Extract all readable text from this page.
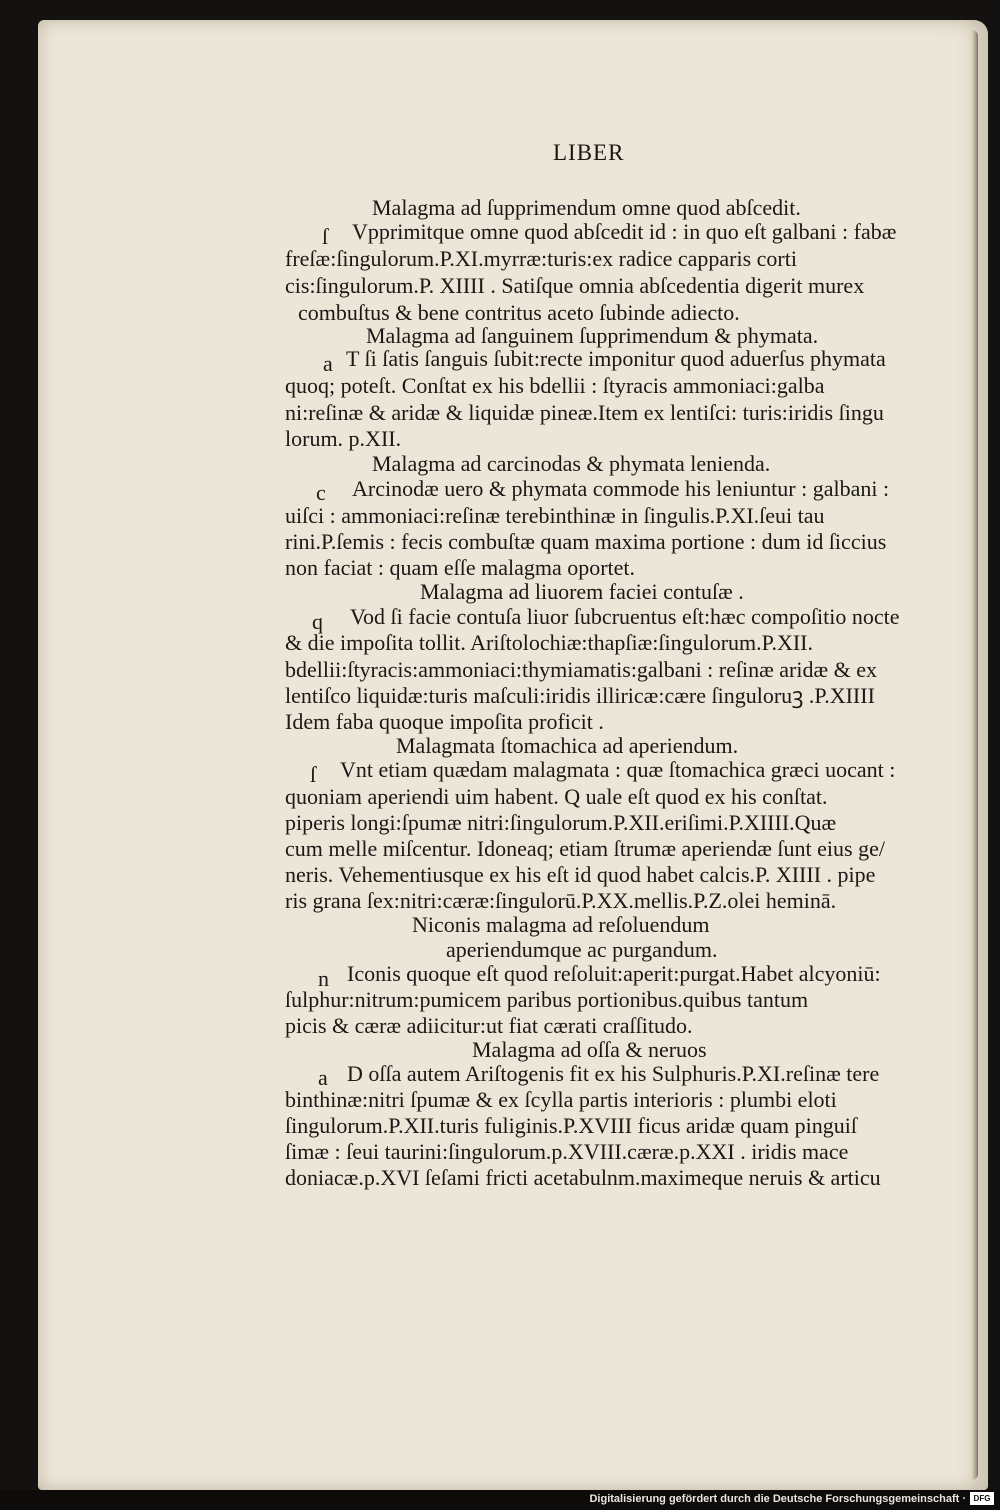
LIBER
Malagma ad ſupprimendum omne quod abſcedit.
ſ Vpprimitque omne quod abſcedit id : in quo eſt galbani : fabæ
freſæ:ſingulorum.P.XI.myrræ:turis:ex radice capparis corti
cis:ſingulorum.P. XIIII . Satiſque omnia abſcedentia digerit murex
combuſtus & bene contritus aceto ſubinde adiecto.
Malagma ad ſanguinem ſupprimendum & phymata.
a T ſi ſatis ſanguis ſubit:recte imponitur quod aduerſus phymata
quoq; poteſt. Conſtat ex his bdellii : ſtyracis ammoniaci:galba
ni:reſinæ & aridæ & liquidæ pineæ.Item ex lentiſci: turis:iridis ſingu
lorum. p.XII.
Malagma ad carcinodas & phymata lenienda.
c Arcinodæ uero & phymata commode his leniuntur : galbani :
uiſci : ammoniaci:reſinæ terebinthinæ in ſingulis.P.XI.ſeui tau
rini.P.ſemis : fecis combuſtæ quam maxima portione : dum id ſiccius
non faciat : quam eſſe malagma oportet.
Malagma ad liuorem faciei contuſæ .
q Vod ſi facie contuſa liuor ſubcruentus eſt:hæc compoſitio nocte
& die impoſita tollit. Ariſtolochiæ:thapſiæ:ſingulorum.P.XII.
bdellii:ſtyracis:ammoniaci:thymiamatis:galbani : reſinæ aridæ & ex
lentiſco liquidæ:turis maſculi:iridis illiricæ:cære ſinguloruꝫ .P.XIIII
Idem faba quoque impoſita proficit .
Malagmata ſtomachica ad aperiendum.
ſ Vnt etiam quædam malagmata : quæ ſtomachica græci uocant :
quoniam aperiendi uim habent. Q uale eſt quod ex his conſtat.
piperis longi:ſpumæ nitri:ſingulorum.P.XII.eriſimi.P.XIIII.Quæ
cum melle miſcentur. Idoneaq; etiam ſtrumæ aperiendæ ſunt eius ge/
neris. Vehementiusque ex his eſt id quod habet calcis.P. XIIII . pipe
ris grana ſex:nitri:cæræ:ſingulorū.P.XX.mellis.P.Z.olei heminā.
Niconis malagma ad reſoluendum
aperiendumque ac purgandum.
n Iconis quoque eſt quod reſoluit:aperit:purgat.Habet alcyoniū:
ſulphur:nitrum:pumicem paribus portionibus.quibus tantum
picis & cæræ adiicitur:ut fiat cærati craſſitudo.
Malagma ad oſſa & neruos
a D oſſa autem Ariſtogenis fit ex his Sulphuris.P.XI.reſinæ tere
binthinæ:nitri ſpumæ & ex ſcylla partis interioris : plumbi eloti
ſingulorum.P.XII.turis fuliginis.P.XVIII ficus aridæ quam pinguiſ
ſimæ : ſeui taurini:ſingulorum.p.XVIII.cæræ.p.XXI . iridis mace
doniacæ.p.XVI ſeſami fricti acetabulnm.maximeque neruis & articu
Digitalisierung gefördert durch die Deutsche Forschungsgemeinschaft · DFG
